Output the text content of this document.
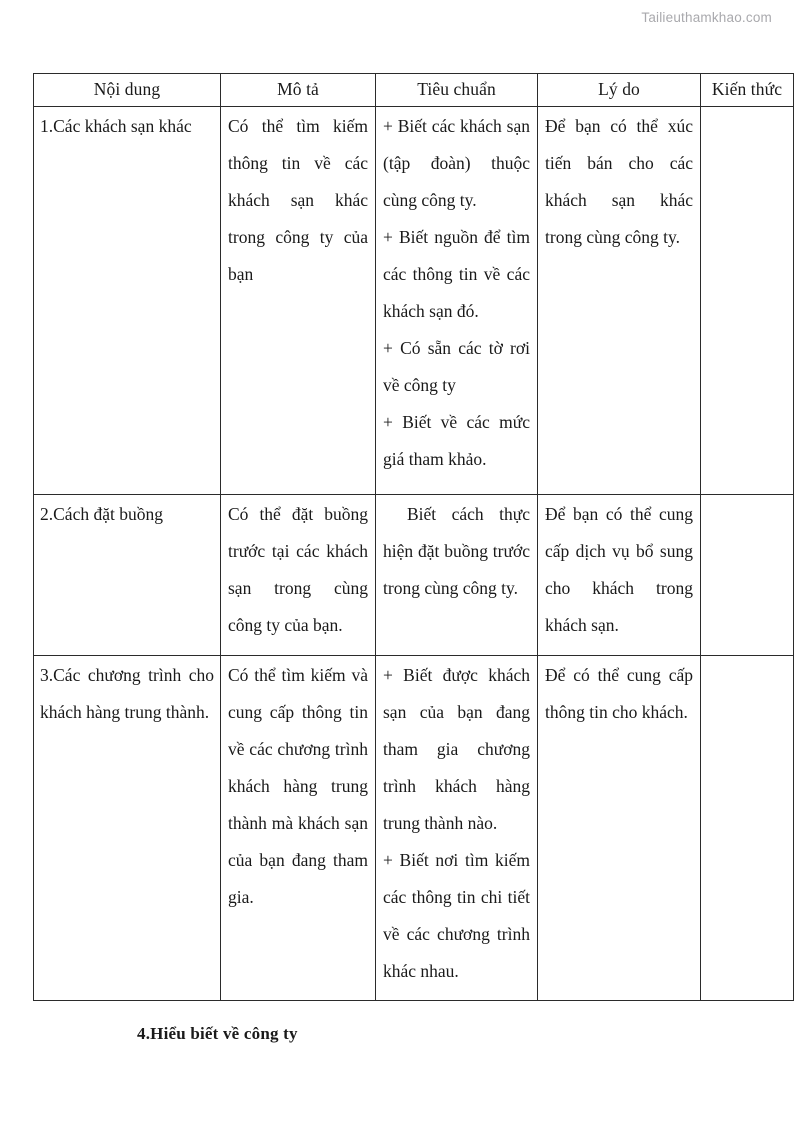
Tailieuthamkhao.com
Nội dung	Mô tả	Tiêu chuẩn	Lý do	Kiến thức

1.Các khách sạn khác	Có thể tìm kiếm thông tin về các khách sạn khác trong công ty của bạn	+ Biết các khách sạn (tập đoàn) thuộc cùng công ty.
+ Biết nguồn để tìm các thông tin về các khách sạn đó.
+ Có sẵn các tờ rơi về công ty
+ Biết về các mức giá tham khảo.	Để bạn có thể xúc tiến bán cho các khách sạn khác trong cùng công ty.	

2.Cách đặt buồng	Có thể đặt buồng trước tại các khách sạn trong cùng công ty của bạn.	Biết cách thực hiện đặt buồng trước trong cùng công ty.	Để bạn có thể cung cấp dịch vụ bổ sung cho khách trong khách sạn.	

3.Các chương trình cho khách hàng trung thành.	Có thể tìm kiếm và cung cấp thông tin về các chương trình khách hàng trung thành mà khách sạn của bạn đang tham gia.	+ Biết được khách sạn của bạn đang tham gia chương trình khách hàng trung thành nào.
+ Biết nơi tìm kiếm các thông tin chi tiết về các chương trình khác nhau.	Để có thể cung cấp thông tin cho khách.	

4.Hiểu biết về công ty
